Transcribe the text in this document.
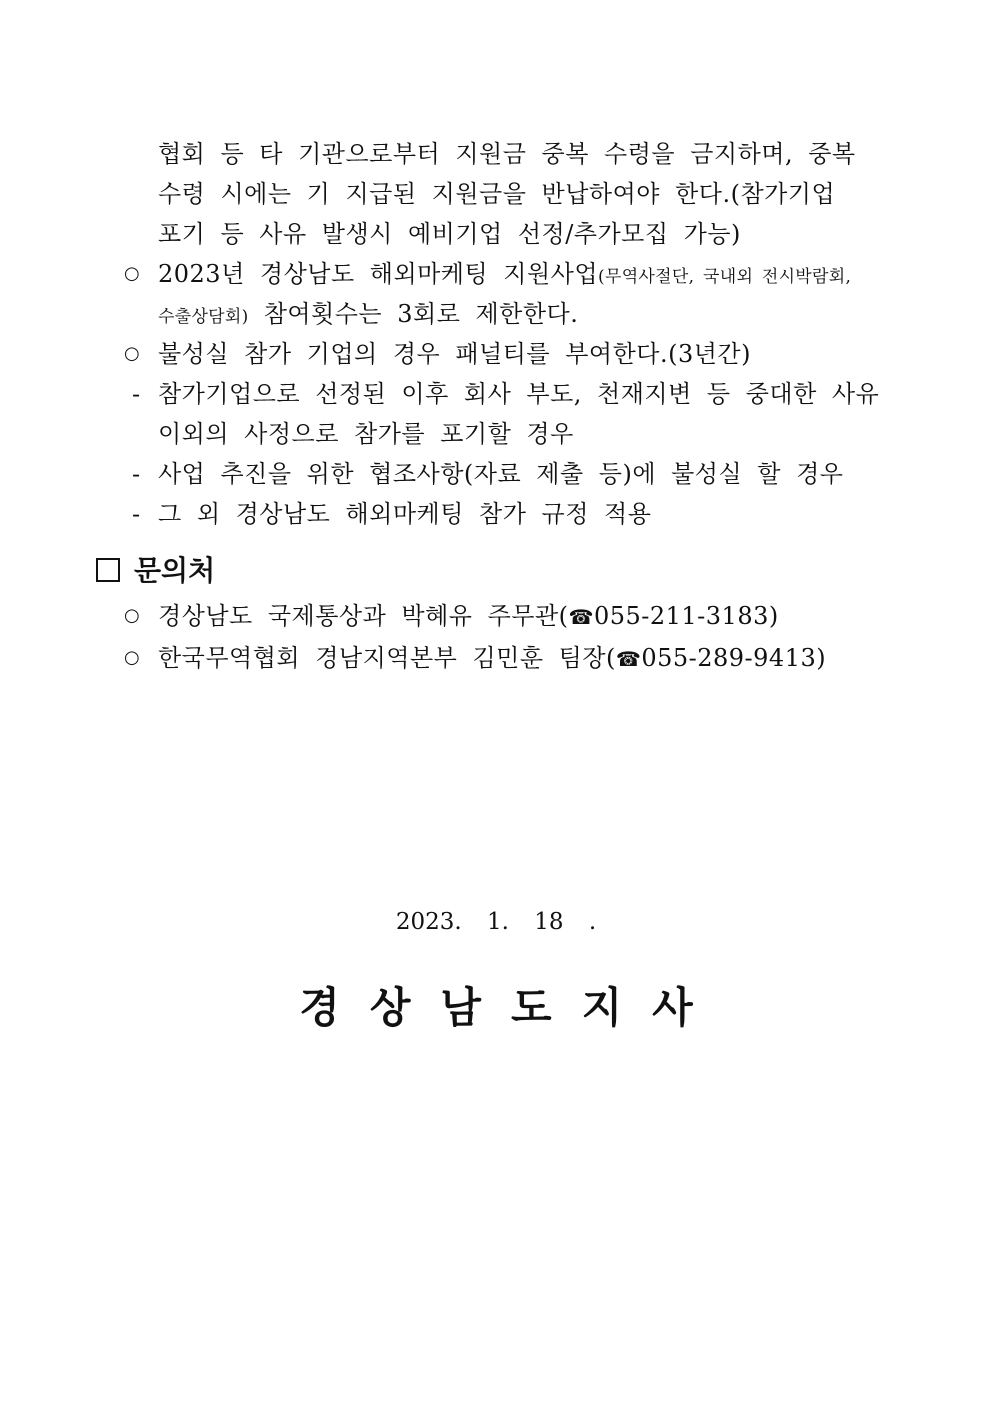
협회 등 타 기관으로부터 지원금 중복 수령을 금지하며, 중복
수령 시에는 기 지급된 지원금을 반납하여야 한다.(참가기업
포기 등 사유 발생시 예비기업 선정/추가모집 가능)
○ 2023년 경상남도 해외마케팅 지원사업(무역사절단, 국내외 전시박람회,
수출상담회) 참여횟수는 3회로 제한한다.
○ 불성실 참가 기업의 경우 패널티를 부여한다.(3년간)
- 참가기업으로 선정된 이후 회사 부도, 천재지변 등 중대한 사유
이외의 사정으로 참가를 포기할 경우
- 사업 추진을 위한 협조사항(자료 제출 등)에 불성실 할 경우
- 그 외 경상남도 해외마케팅 참가 규정 적용
문의처
○ 경상남도 국제통상과 박혜유 주무관(☎055-211-3183)
○ 한국무역협회 경남지역본부 김민훈 팀장(☎055-289-9413)
2023. 1. 18 .
경상남도지사
